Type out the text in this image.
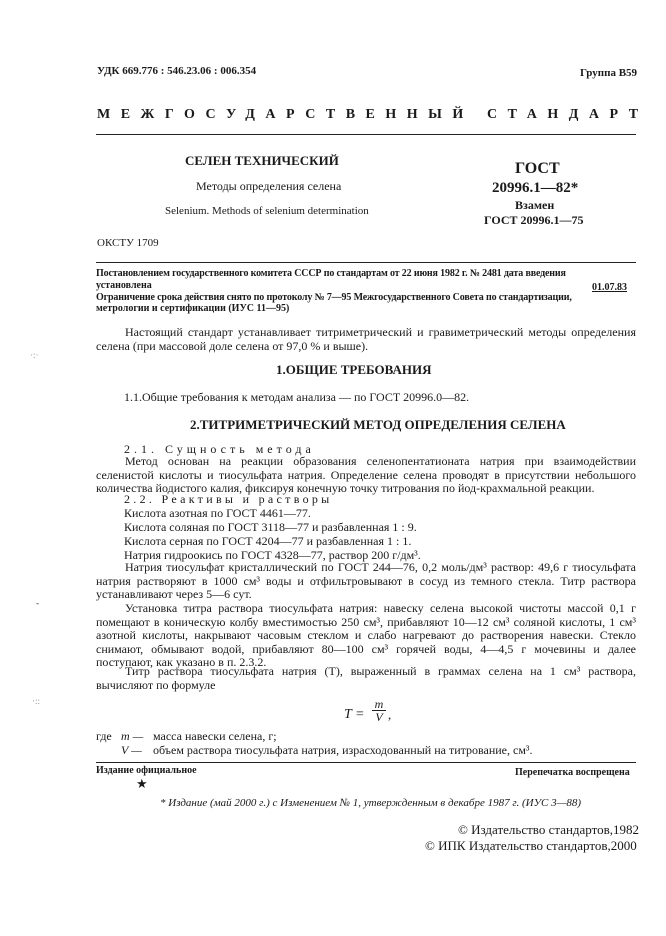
УДК 669.776 : 546.23.06 : 006.354	Группа В59
МЕЖГОСУДАРСТВЕННЫЙ СТАНДАРТ
СЕЛЕН ТЕХНИЧЕСКИЙ
Методы определения селена
Selenium. Methods of selenium determination
ГОСТ
20996.1—82*
Взамен
ГОСТ 20996.1—75
ОКСТУ 1709
Постановлением государственного комитета СССР по стандартам от 22 июня 1982 г. № 2481 дата введения
установлена	01.07.83
Ограничение срока действия снято по протоколу № 7—95 Межгосударственного Совета по стандартизации,
метрологии и сертификации (ИУС 11—95)
Настоящий стандарт устанавливает титриметрический и гравиметрический методы определения селена (при массовой доле селена от 97,0 % и выше).
1.ОБЩИЕ ТРЕБОВАНИЯ
1.1.Общие требования к методам анализа — по ГОСТ 20996.0—82.
2.ТИТРИМЕТРИЧЕСКИЙ МЕТОД ОПРЕДЕЛЕНИЯ СЕЛЕНА
2.1. Сущность метода
Метод основан на реакции образования селенопентатионата натрия при взаимодействии селенистой кислоты и тиосульфата натрия. Определение селена проводят в присутствии небольшого количества йодистого калия, фиксируя конечную точку титрования по йод-крахмальной реакции.
2.2. Реактивы и растворы
Кислота азотная по ГОСТ 4461—77.
Кислота соляная по ГОСТ 3118—77 и разбавленная 1 : 9.
Кислота серная по ГОСТ 4204—77 и разбавленная 1 : 1.
Натрия гидроокись по ГОСТ 4328—77, раствор 200 г/дм³.
Натрия тиосульфат кристаллический по ГОСТ 244—76, 0,2 моль/дм³ раствор: 49,6 г тиосульфата натрия растворяют в 1000 см³ воды и отфильтровывают в сосуд из темного стекла. Титр раствора устанавливают через 5—6 сут.
Установка титра раствора тиосульфата натрия: навеску селена высокой чистоты массой 0,1 г помещают в коническую колбу вместимостью 250 см³, прибавляют 10—12 см³ соляной кислоты, 1 см³ азотной кислоты, накрывают часовым стеклом и слабо нагревают до растворения навески. Стекло снимают, обмывают водой, прибавляют 80—100 см³ горячей воды, 4—4,5 г мочевины и далее поступают, как указано в п. 2.3.2.
Титр раствора тиосульфата натрия (Т), выраженный в граммах селена на 1 см³ раствора, вычисляют по формуле
$T = \frac{m}{V}$ ,
где m — масса навески селена, г;
V — объем раствора тиосульфата натрия, израсходованный на титрование, см³.
Издание официальное	Перепечатка воспрещена
★
* Издание (май 2000 г.) с Изменением № 1, утвержденным в декабре 1987 г. (ИУС 3—88)
© Издательство стандартов,1982
© ИПК Издательство стандартов,2000
·:·
-
·::
